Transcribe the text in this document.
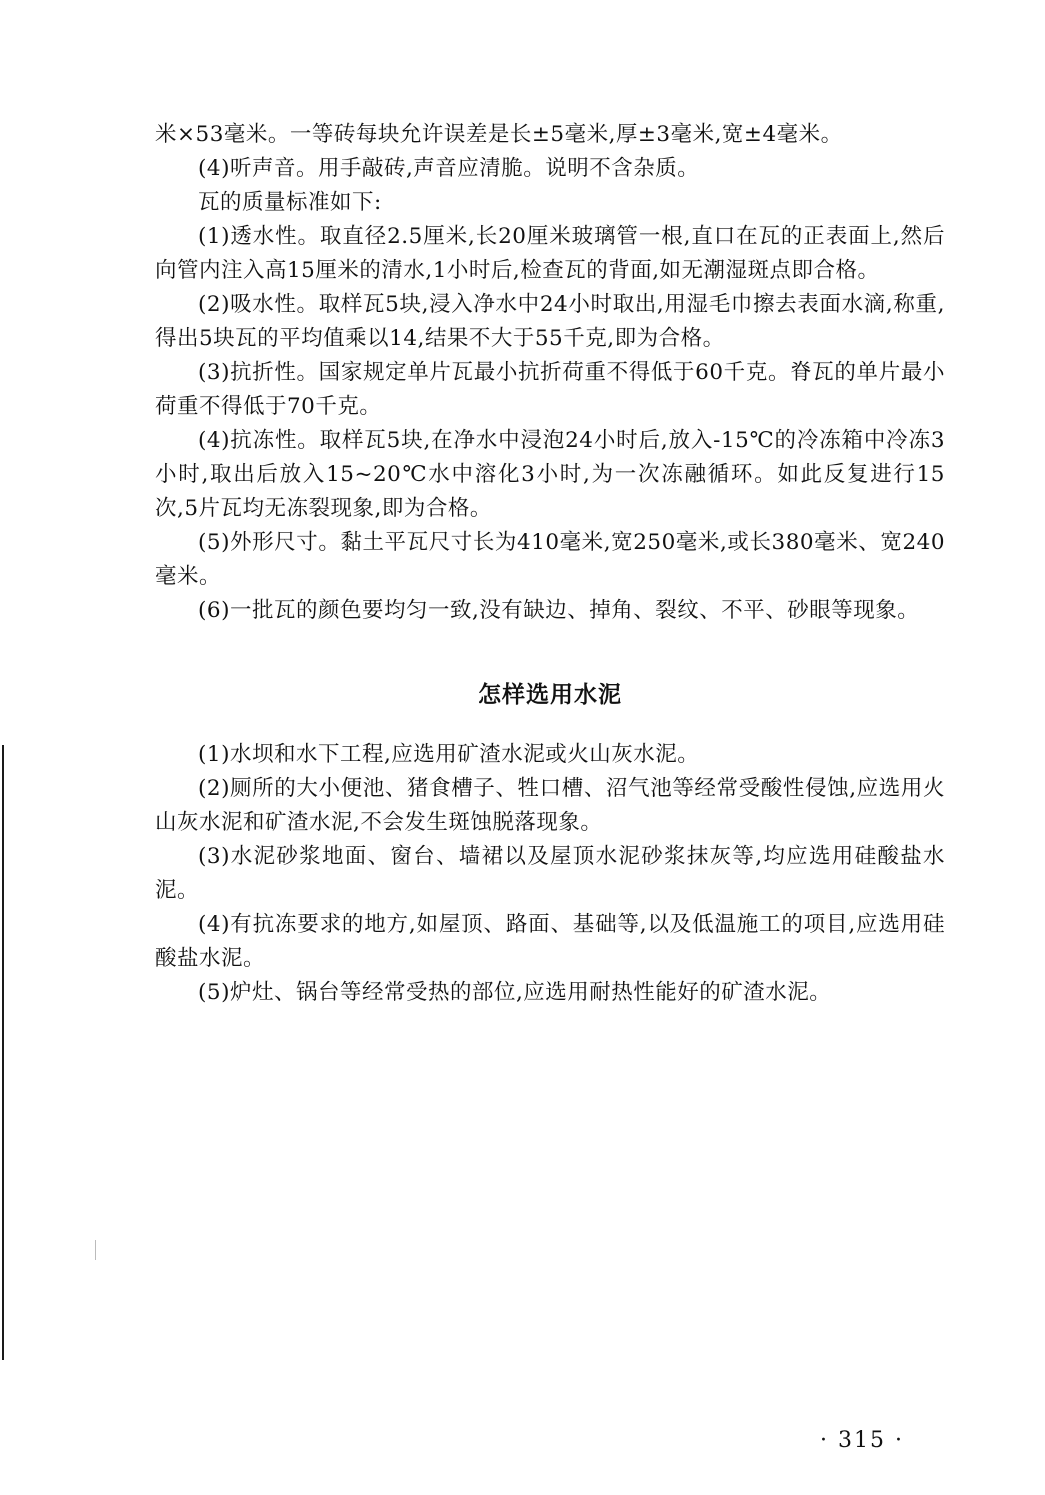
米×53毫米。一等砖每块允许误差是长±5毫米,厚±3毫米,宽±4毫米。

(4)听声音。用手敲砖,声音应清脆。说明不含杂质。

瓦的质量标准如下:

(1)透水性。取直径2.5厘米,长20厘米玻璃管一根,直口在瓦的正表面上,然后向管内注入高15厘米的清水,1小时后,检查瓦的背面,如无潮湿斑点即合格。

(2)吸水性。取样瓦5块,浸入净水中24小时取出,用湿毛巾擦去表面水滴,称重,得出5块瓦的平均值乘以14,结果不大于55千克,即为合格。

(3)抗折性。国家规定单片瓦最小抗折荷重不得低于60千克。脊瓦的单片最小荷重不得低于70千克。

(4)抗冻性。取样瓦5块,在净水中浸泡24小时后,放入-15℃的冷冻箱中冷冻3小时,取出后放入15~20℃水中溶化3小时,为一次冻融循环。如此反复进行15次,5片瓦均无冻裂现象,即为合格。

(5)外形尺寸。黏土平瓦尺寸长为410毫米,宽250毫米,或长380毫米、宽240毫米。

(6)一批瓦的颜色要均匀一致,没有缺边、掉角、裂纹、不平、砂眼等现象。

怎样选用水泥

(1)水坝和水下工程,应选用矿渣水泥或火山灰水泥。

(2)厕所的大小便池、猪食槽子、牲口槽、沼气池等经常受酸性侵蚀,应选用火山灰水泥和矿渣水泥,不会发生斑蚀脱落现象。

(3)水泥砂浆地面、窗台、墙裙以及屋顶水泥砂浆抹灰等,均应选用硅酸盐水泥。

(4)有抗冻要求的地方,如屋顶、路面、基础等,以及低温施工的项目,应选用硅酸盐水泥。

(5)炉灶、锅台等经常受热的部位,应选用耐热性能好的矿渣水泥。

· 315 ·
